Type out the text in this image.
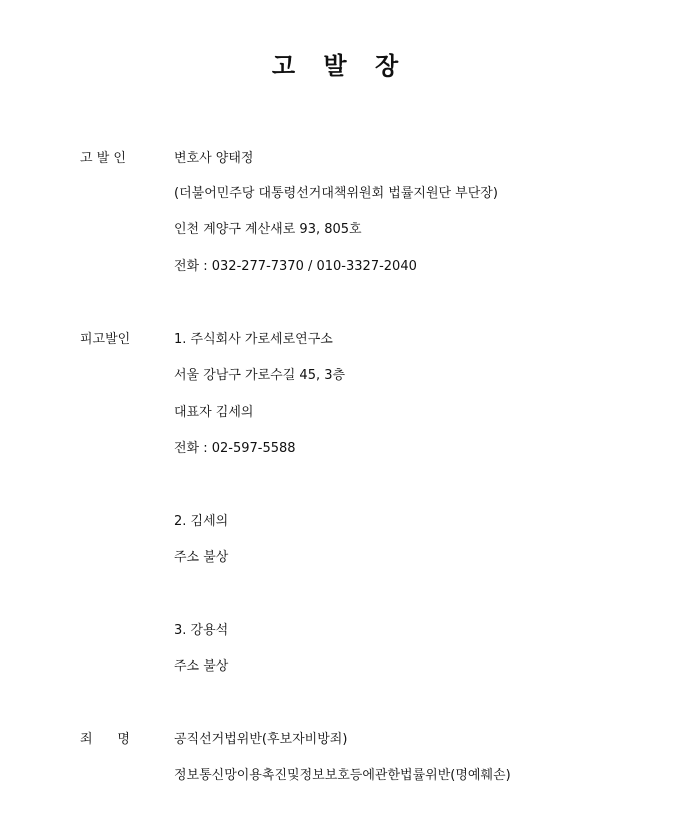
고 발 장
고 발 인	변호사 양태정
(더불어민주당 대통령선거대책위원회 법률지원단 부단장)
인천 계양구 계산새로 93, 805호
전화 : 032-277-7370 / 010-3327-2040
피고발인	1. 주식회사 가로세로연구소
서울 강남구 가로수길 45, 3층
대표자 김세의
전화 : 02-597-5588
2. 김세의
주소 불상
3. 강용석
주소 불상
죄      명	공직선거법위반(후보자비방죄)
정보통신망이용촉진및정보보호등에관한법률위반(명예훼손)
